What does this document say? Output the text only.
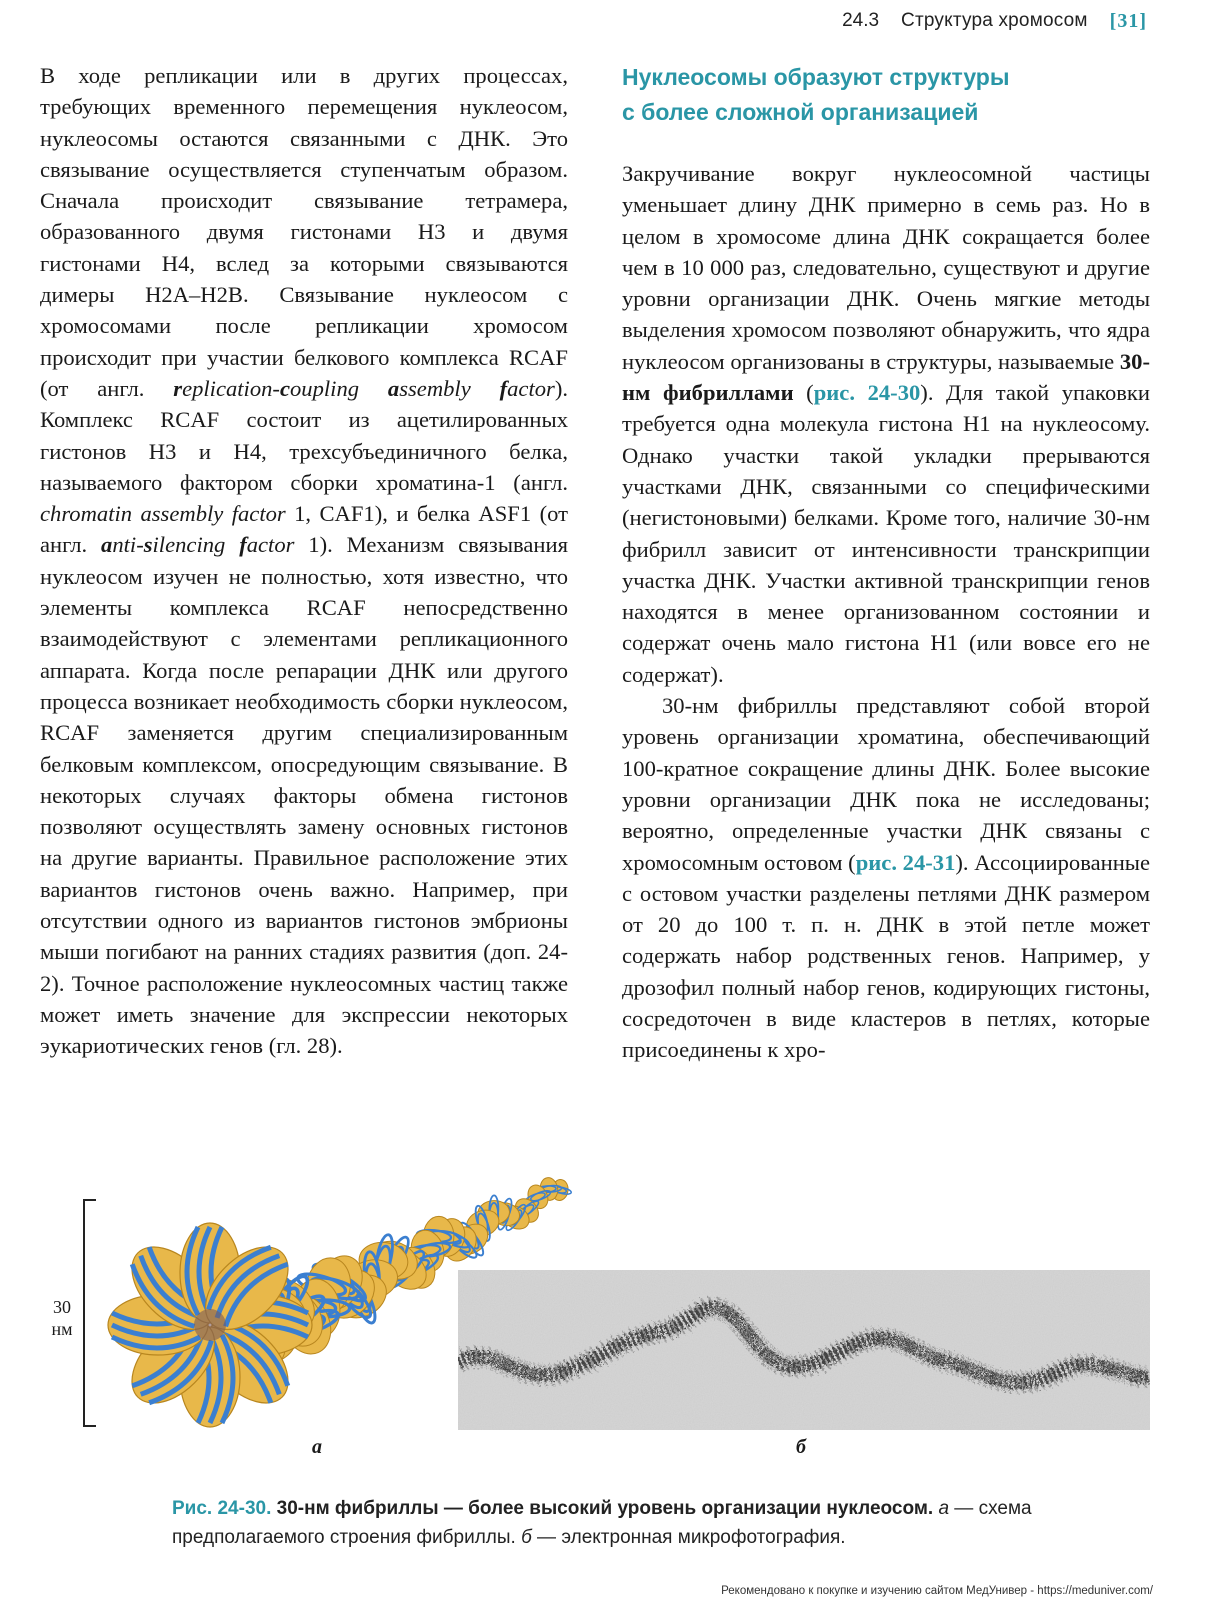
24.3 Структура хромосом [31]

В ходе репликации или в других процессах, требующих временного перемещения нуклеосом, нуклеосомы остаются связанными с ДНК. Это связывание осуществляется ступенчатым образом. Сначала происходит связывание тетрамера, образованного двумя гистонами Н3 и двумя гистонами Н4, вслед за которыми связываются димеры Н2А–Н2В. Связывание нуклеосом с хромосомами после репликации хромосом происходит при участии белкового комплекса RCAF (от англ. replication-coupling assembly factor). Комплекс RCAF состоит из ацетилированных гистонов Н3 и Н4, трехсубъединичного белка, называемого фактором сборки хроматина-1 (англ. chromatin assembly factor 1, CAF1), и белка ASF1 (от англ. anti-silencing factor 1). Механизм связывания нуклеосом изучен не полностью, хотя известно, что элементы комплекса RCAF непосредственно взаимодействуют с элементами репликационного аппарата. Когда после репарации ДНК или другого процесса возникает необходимость сборки нуклеосом, RCAF заменяется другим специализированным белковым комплексом, опосредующим связывание. В некоторых случаях факторы обмена гистонов позволяют осуществлять замену основных гистонов на другие варианты. Правильное расположение этих вариантов гистонов очень важно. Например, при отсутствии одного из вариантов гистонов эмбрионы мыши погибают на ранних стадиях развития (доп. 24-2). Точное расположение нуклеосомных частиц также может иметь значение для экспрессии некоторых эукариотических генов (гл. 28).

Нуклеосомы образуют структуры
с более сложной организацией

Закручивание вокруг нуклеосомной частицы уменьшает длину ДНК примерно в семь раз. Но в целом в хромосоме длина ДНК сокращается более чем в 10 000 раз, следовательно, существуют и другие уровни организации ДНК. Очень мягкие методы выделения хромосом позволяют обнаружить, что ядра нуклеосом организованы в структуры, называемые 30-нм фибриллами (рис. 24-30). Для такой упаковки требуется одна молекула гистона Н1 на нуклеосому. Однако участки такой укладки прерываются участками ДНК, связанными со специфическими (негистоновыми) белками. Кроме того, наличие 30-нм фибрилл зависит от интенсивности транскрипции участка ДНК. Участки активной транскрипции генов находятся в менее организованном состоянии и содержат очень мало гистона Н1 (или вовсе его не содержат).

30-нм фибриллы представляют собой второй уровень организации хроматина, обеспечивающий 100-кратное сокращение длины ДНК. Более высокие уровни организации ДНК пока не исследованы; вероятно, определенные участки ДНК связаны с хромосомным остовом (рис. 24-31). Ассоциированные с остовом участки разделены петлями ДНК размером от 20 до 100 т. п. н. ДНК в этой петле может содержать набор родственных генов. Например, у дрозофил полный набор генов, кодирующих гистоны, сосредоточен в виде кластеров в петлях, которые присоединены к хро-

30
нм
а	б
Рис. 24-30. 30-нм фибриллы — более высокий уровень организации нуклеосом. а — схема предполагаемого строения фибриллы. б — электронная микрофотография.
Рекомендовано к покупке и изучению сайтом МедУнивер - https://meduniver.com/
